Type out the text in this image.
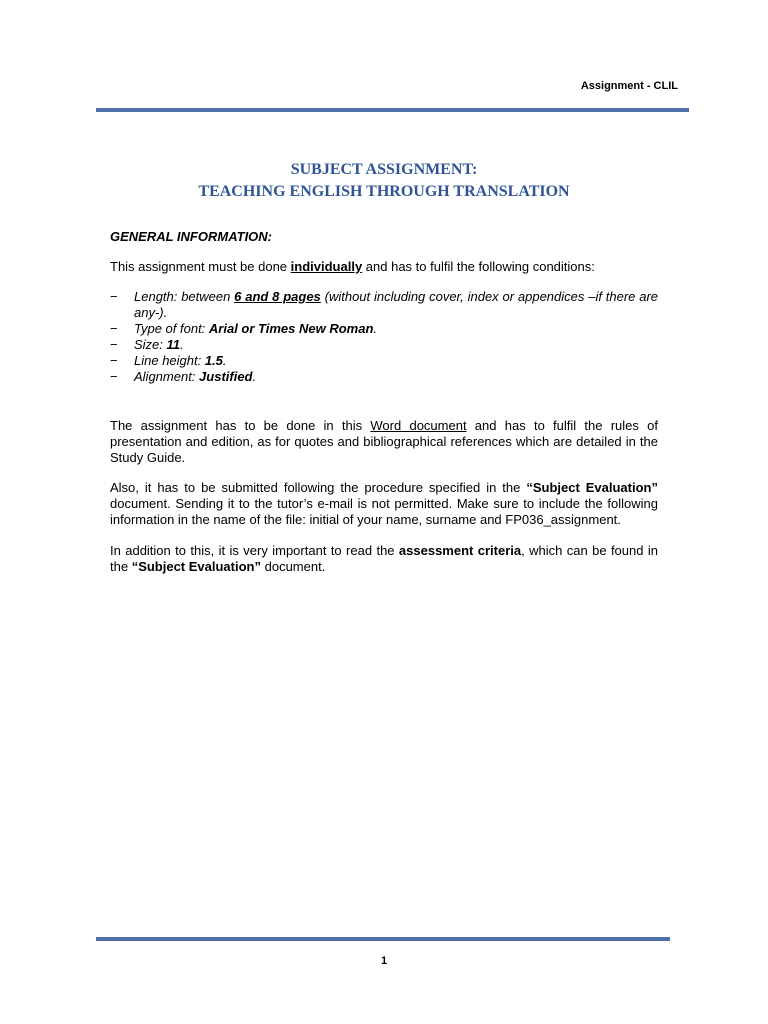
Assignment - CLIL
SUBJECT ASSIGNMENT:
TEACHING ENGLISH THROUGH TRANSLATION

GENERAL INFORMATION:

This assignment must be done individually and has to fulfil the following conditions:

− Length: between 6 and 8 pages (without including cover, index or appendices –if there are any-).
− Type of font: Arial or Times New Roman.
− Size: 11.
− Line height: 1.5.
− Alignment: Justified.

The assignment has to be done in this Word document and has to fulfil the rules of presentation and edition, as for quotes and bibliographical references which are detailed in the Study Guide.

Also, it has to be submitted following the procedure specified in the “Subject Evaluation” document. Sending it to the tutor’s e-mail is not permitted. Make sure to include the following information in the name of the file: initial of your name, surname and FP036_assignment.

In addition to this, it is very important to read the assessment criteria, which can be found in the “Subject Evaluation” document.

1
